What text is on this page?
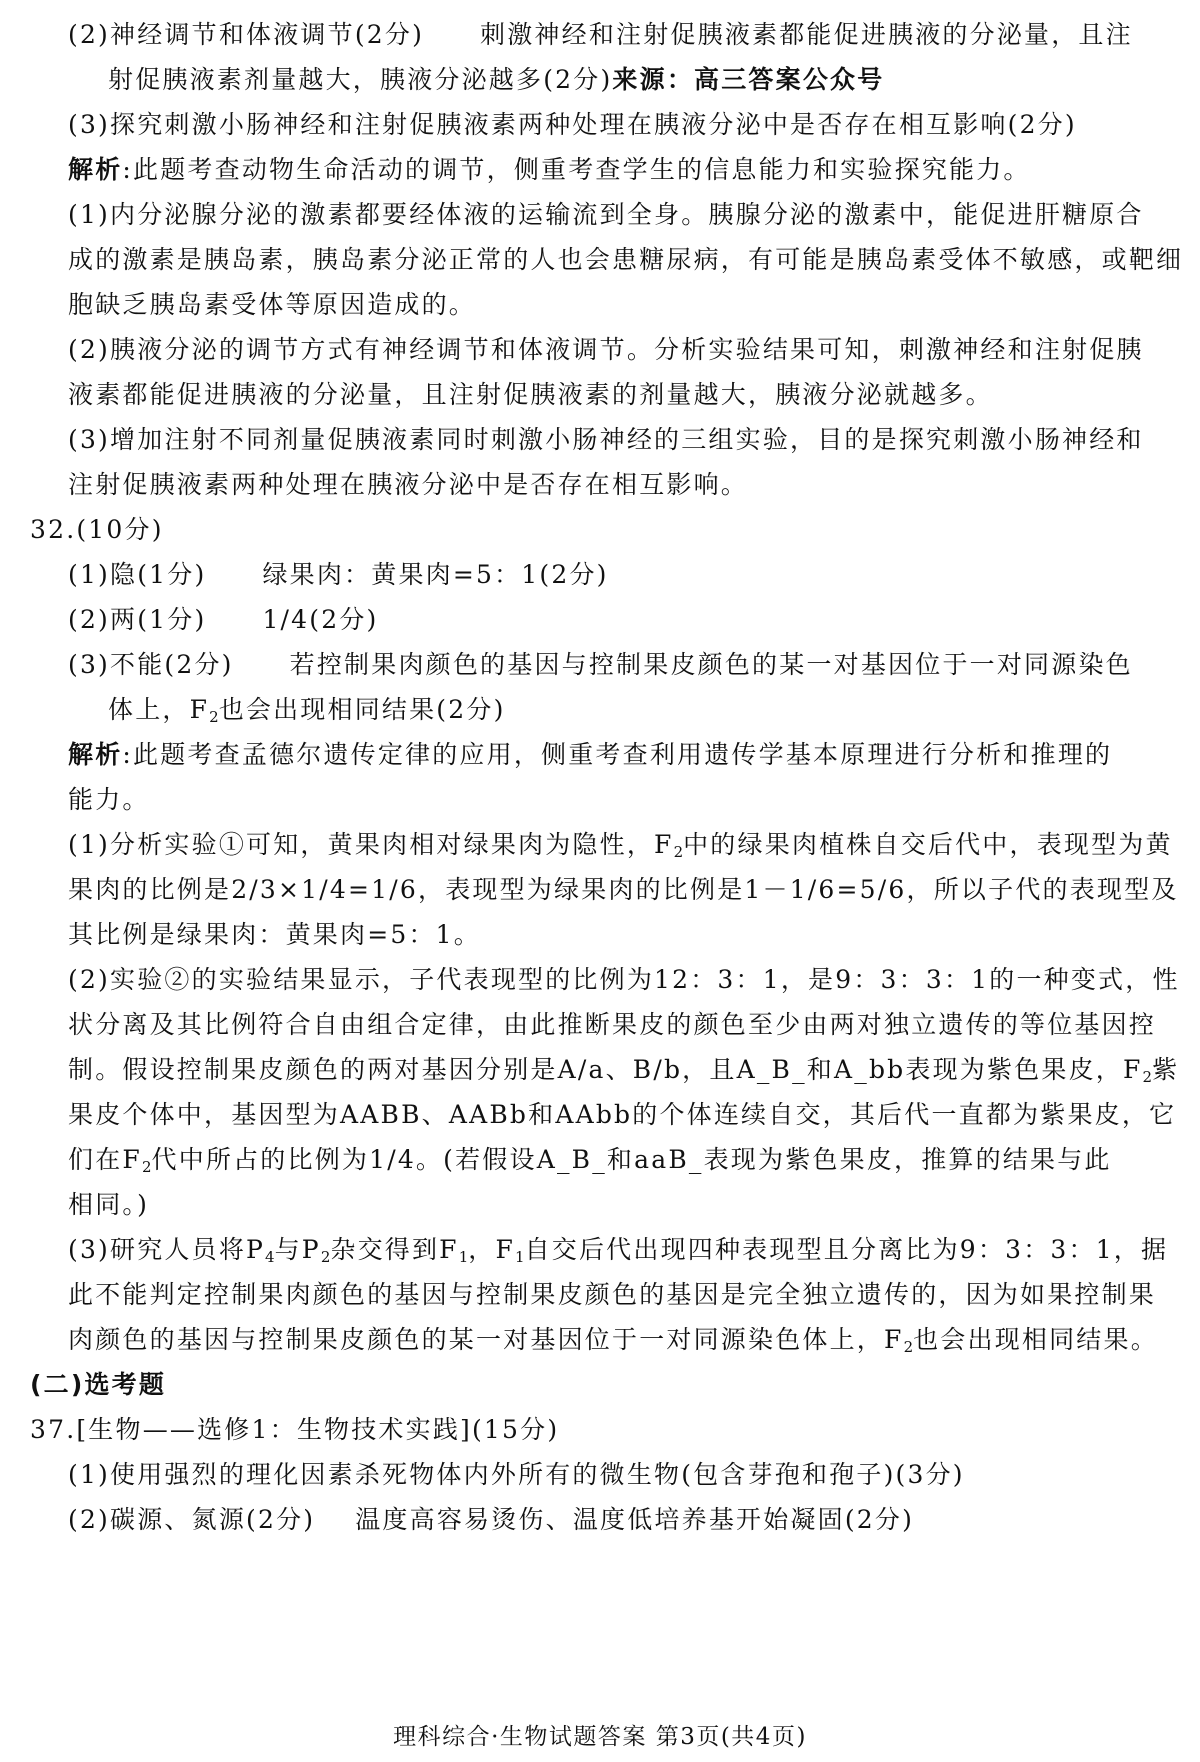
(2)神经调节和体液调节(2分) 刺激神经和注射促胰液素都能促进胰液的分泌量，且注
射促胰液素剂量越大，胰液分泌越多(2分)来源：高三答案公众号
(3)探究刺激小肠神经和注射促胰液素两种处理在胰液分泌中是否存在相互影响(2分)
解析:此题考查动物生命活动的调节，侧重考查学生的信息能力和实验探究能力。
(1)内分泌腺分泌的激素都要经体液的运输流到全身。胰腺分泌的激素中，能促进肝糖原合
成的激素是胰岛素，胰岛素分泌正常的人也会患糖尿病，有可能是胰岛素受体不敏感，或靶细
胞缺乏胰岛素受体等原因造成的。
(2)胰液分泌的调节方式有神经调节和体液调节。分析实验结果可知，刺激神经和注射促胰
液素都能促进胰液的分泌量，且注射促胰液素的剂量越大，胰液分泌就越多。
(3)增加注射不同剂量促胰液素同时刺激小肠神经的三组实验，目的是探究刺激小肠神经和
注射促胰液素两种处理在胰液分泌中是否存在相互影响。
32.(10分)
(1)隐(1分) 绿果肉：黄果肉=5：1(2分)
(2)两(1分) 1/4(2分)
(3)不能(2分) 若控制果肉颜色的基因与控制果皮颜色的某一对基因位于一对同源染色
体上，$F_2$也会出现相同结果(2分)
解析:此题考查孟德尔遗传定律的应用，侧重考查利用遗传学基本原理进行分析和推理的
能力。
(1)分析实验①可知，黄果肉相对绿果肉为隐性，$F_2$中的绿果肉植株自交后代中，表现型为黄
果肉的比例是2/3×1/4=1/6，表现型为绿果肉的比例是1－1/6=5/6，所以子代的表现型及
其比例是绿果肉：黄果肉=5：1。
(2)实验②的实验结果显示，子代表现型的比例为12：3：1，是9：3：3：1的一种变式，性
状分离及其比例符合自由组合定律，由此推断果皮的颜色至少由两对独立遗传的等位基因控
制。假设控制果皮颜色的两对基因分别是A/a、B/b，且A_B_和A_bb表现为紫色果皮，$F_2$紫
果皮个体中，基因型为AABB、AABb和AAbb的个体连续自交，其后代一直都为紫果皮，它
们在$F_2$代中所占的比例为1/4。(若假设A_B_和aaB_表现为紫色果皮，推算的结果与此
相同。)
(3)研究人员将$P_4$与$P_2$杂交得到$F_1$，$F_1$自交后代出现四种表现型且分离比为9：3：3：1，据
此不能判定控制果肉颜色的基因与控制果皮颜色的基因是完全独立遗传的，因为如果控制果
肉颜色的基因与控制果皮颜色的某一对基因位于一对同源染色体上，$F_2$也会出现相同结果。
(二)选考题
37.[生物——选修1：生物技术实践](15分)
(1)使用强烈的理化因素杀死物体内外所有的微生物(包含芽孢和孢子)(3分)
(2)碳源、氮源(2分) 温度高容易烫伤、温度低培养基开始凝固(2分)
理科综合·生物试题答案 第3页(共4页)
